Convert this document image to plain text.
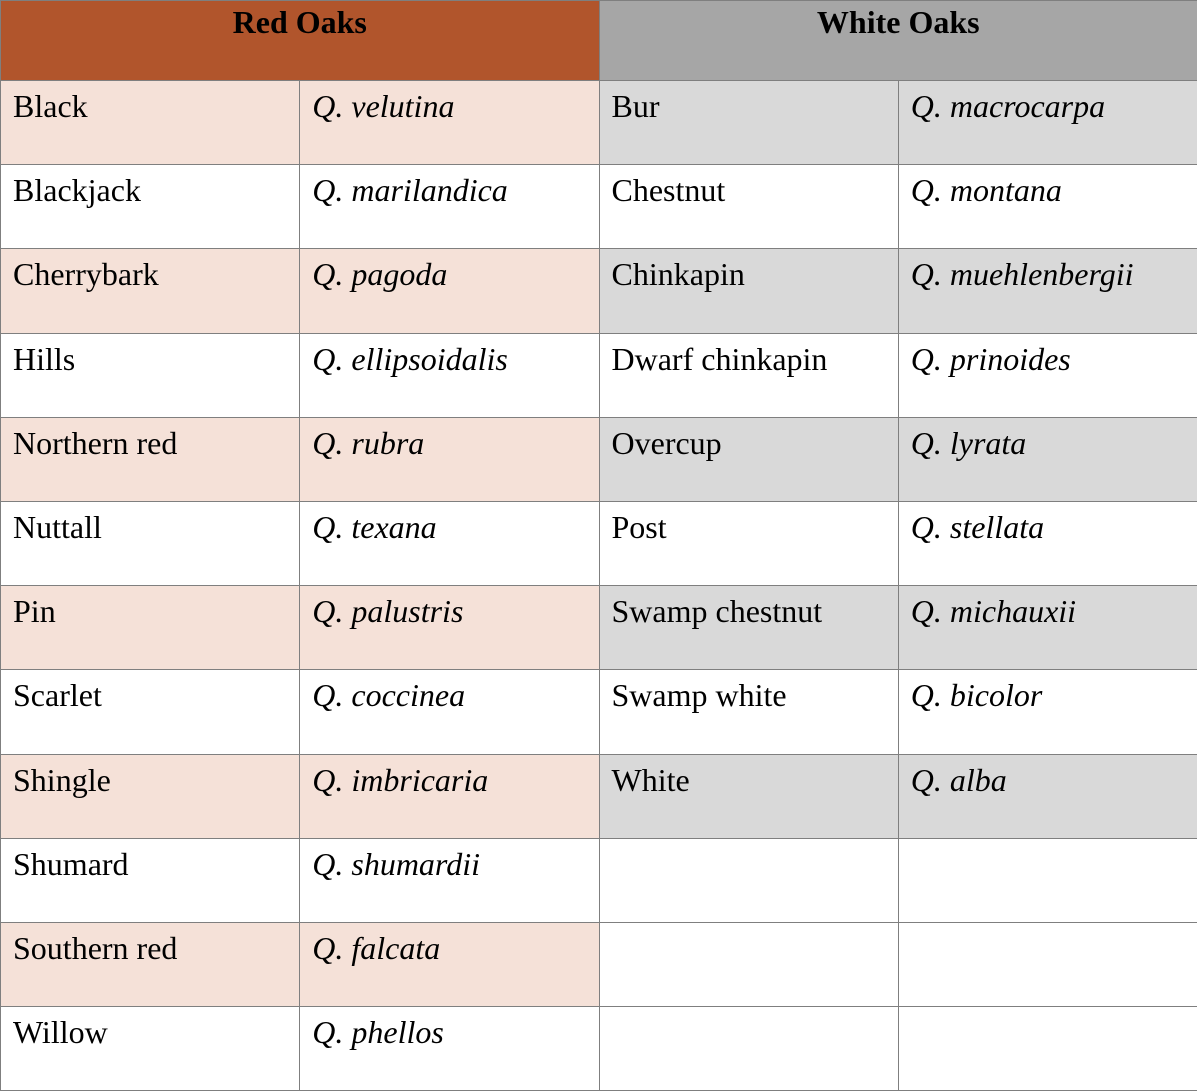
Red Oaks		White Oaks	
Black	Q. velutina	Bur	Q. macrocarpa
Blackjack	Q. marilandica	Chestnut	Q. montana
Cherrybark	Q. pagoda	Chinkapin	Q. muehlenbergii
Hills	Q. ellipsoidalis	Dwarf chinkapin	Q. prinoides
Northern red	Q. rubra	Overcup	Q. lyrata
Nuttall	Q. texana	Post	Q. stellata
Pin	Q. palustris	Swamp chestnut	Q. michauxii
Scarlet	Q. coccinea	Swamp white	Q. bicolor
Shingle	Q. imbricaria	White	Q. alba
Shumard	Q. shumardii		
Southern red	Q. falcata		
Willow	Q. phellos		
